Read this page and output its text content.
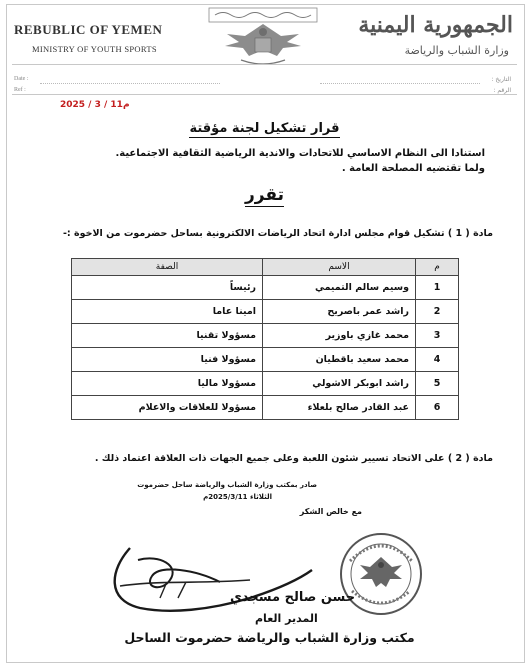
REBUBLIC OF YEMEN
MINISTRY OF YOUTH SPORTS
الجمهورية اليمنية
وزارة الشباب والرياضة
Date :
Ref :
التاريخ :
الرقم :
2025 / 3 / 11م
قرار تشكيل لجنة مؤقتة
استنادا الى النظام الاساسي للاتحادات والاندية الرياضية الثقافية الاجتماعية.
ولما تقتضيه المصلحة العامة .
تقرر
مادة ( 1 ) تشكيل قوام مجلس ادارة اتحاد الرياضات الالكترونية بساحل حضرموت من الاخوة :-
م	الاسم	الصفة
1	وسيم سالم التميمي	رئيساً
2	راشد عمر باصريح	امينا عاما
3	محمد غازي باوزير	مسؤولا تقنيا
4	محمد سعيد باقطيان	مسؤولا فنيا
5	راشد ابوبكر الاشولي	مسؤولا ماليا
6	عبد القادر صالح بلعلاء	مسؤولا للعلاقات والاعلام
مادة ( 2 ) على الاتحاد تسيير شئون اللعبة وعلى جميع الجهات ذات العلاقة اعتماد ذلك .
صادر بمكتب وزارة الشباب والرياضة ساحل حضرموت
الثلاثاء 2025/3/11م
مع خالص الشكر
حسن صالح مسجدي
المدير العام
مكتب وزارة الشباب والرياضة حضرموت الساحل
